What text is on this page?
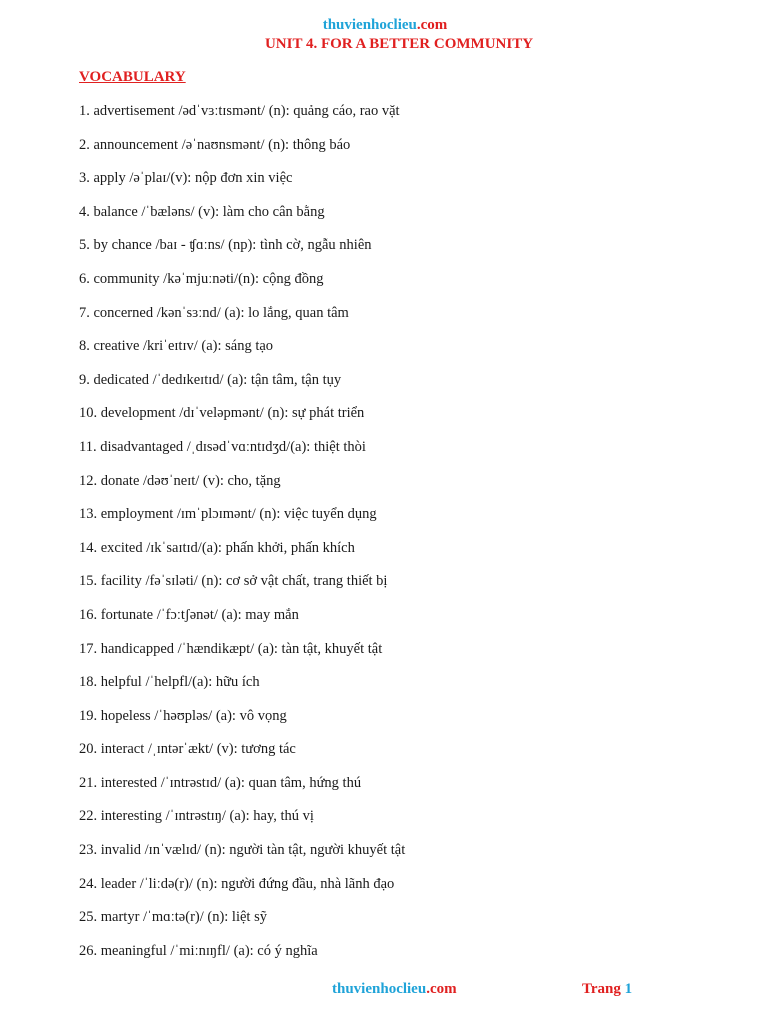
thuvienhoclieu.com
UNIT 4. FOR A BETTER COMMUNITY
VOCABULARY
1. advertisement /ədˈvɜːtɪsmənt/ (n): quảng cáo, rao vặt
2. announcement /əˈnaʊnsmənt/ (n): thông báo
3. apply /əˈplaɪ/(v): nộp đơn xin việc
4. balance /ˈbæləns/ (v): làm cho cân bằng
5. by chance /baɪ - ʧɑːns/ (np): tình cờ, ngẫu nhiên
6. community /kəˈmjuːnəti/(n): cộng đồng
7. concerned /kənˈsɜːnd/ (a): lo lắng, quan tâm
8. creative /kriˈeɪtɪv/ (a): sáng tạo
9. dedicated /ˈdedɪkeɪtɪd/ (a): tận tâm, tận tụy
10. development /dɪˈveləpmənt/ (n): sự phát triển
11. disadvantaged /ˌdɪsədˈvɑːntɪdʒd/(a): thiệt thòi
12. donate /dəʊˈneɪt/ (v): cho, tặng
13. employment /ɪmˈplɔɪmənt/ (n): việc tuyển dụng
14. excited /ɪkˈsaɪtɪd/(a): phấn khởi, phấn khích
15. facility /fəˈsɪləti/ (n): cơ sở vật chất, trang thiết bị
16. fortunate /ˈfɔːtʃənət/ (a): may mắn
17. handicapped /ˈhændikæpt/ (a): tàn tật, khuyết tật
18. helpful /ˈhelpfl/(a): hữu ích
19. hopeless /ˈhəʊpləs/ (a): vô vọng
20. interact /ˌɪntərˈækt/ (v): tương tác
21. interested /ˈɪntrəstɪd/ (a): quan tâm, hứng thú
22. interesting /ˈɪntrəstɪŋ/ (a): hay, thú vị
23. invalid /ɪnˈvælɪd/ (n): người tàn tật, người khuyết tật
24. leader /ˈliːdə(r)/ (n): người đứng đầu, nhà lãnh đạo
25. martyr /ˈmɑːtə(r)/ (n): liệt sỹ
26. meaningful /ˈmiːnɪŋfl/ (a): có ý nghĩa
thuvienhoclieu.com	Trang 1
